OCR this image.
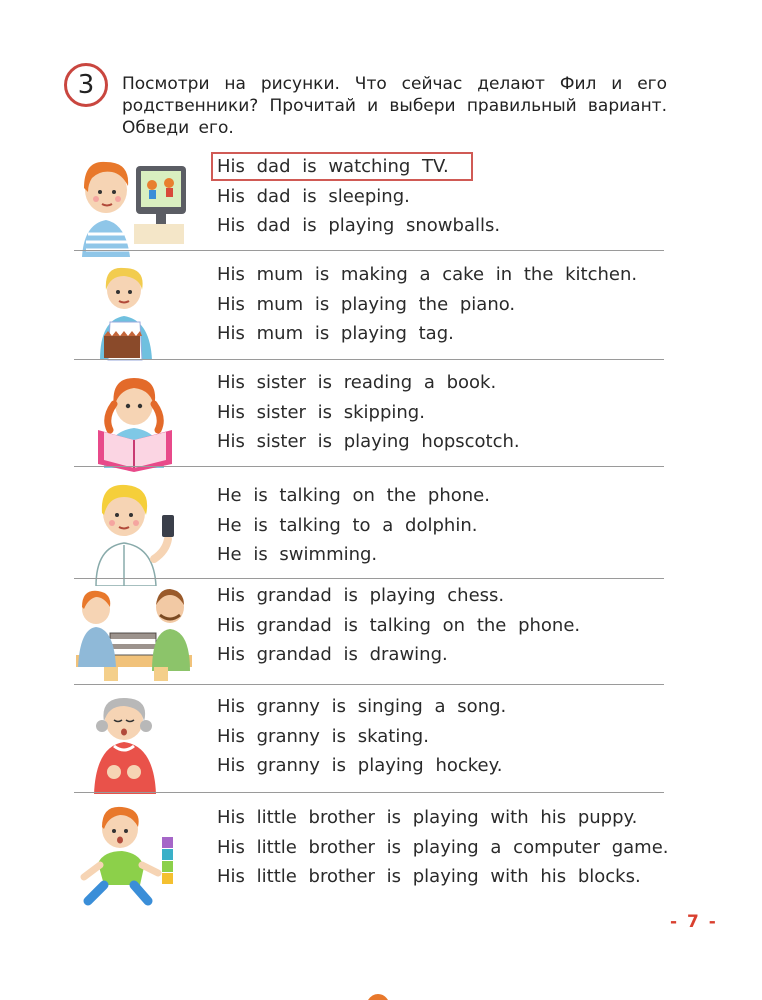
3 Посмотри на рисунки. Что сейчас делают Фил и его родственники? Прочитай и выбери правильный вариант. Обведи его.
His dad is watching TV.
His dad is sleeping.
His dad is playing snowballs.
His mum is making a cake in the kitchen.
His mum is playing the piano.
His mum is playing tag.
His sister is reading a book.
His sister is skipping.
His sister is playing hopscotch.
He is talking on the phone.
He is talking to a dolphin.
He is swimming.
His grandad is playing chess.
His grandad is talking on the phone.
His grandad is drawing.
His granny is singing a song.
His granny is skating.
His granny is playing hockey.
His little brother is playing with his puppy.
His little brother is playing a computer game.
His little brother is playing with his blocks.
- 7 -
